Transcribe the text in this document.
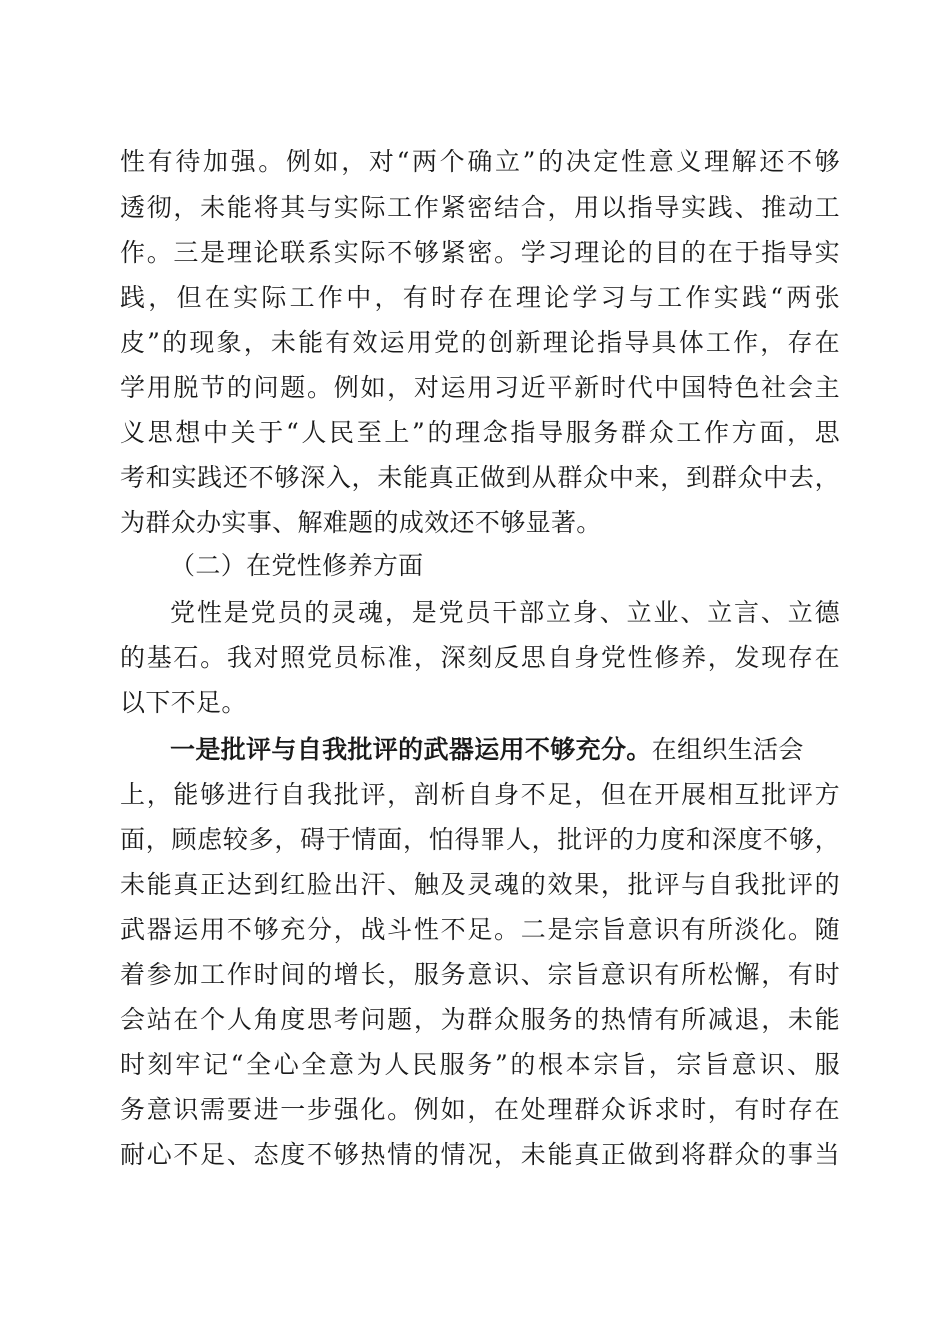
性有待加强。例如，对“两个确立”的决定性意义理解还不够
透彻，未能将其与实际工作紧密结合，用以指导实践、推动工
作。三是理论联系实际不够紧密。学习理论的目的在于指导实
践，但在实际工作中，有时存在理论学习与工作实践“两张
皮”的现象，未能有效运用党的创新理论指导具体工作，存在
学用脱节的问题。例如，对运用习近平新时代中国特色社会主
义思想中关于“人民至上”的理念指导服务群众工作方面，思
考和实践还不够深入，未能真正做到从群众中来，到群众中去，
为群众办实事、解难题的成效还不够显著。
（二）在党性修养方面
党性是党员的灵魂，是党员干部立身、立业、立言、立德
的基石。我对照党员标准，深刻反思自身党性修养，发现存在
以下不足。
一是批评与自我批评的武器运用不够充分。在组织生活会
上，能够进行自我批评，剖析自身不足，但在开展相互批评方
面，顾虑较多，碍于情面，怕得罪人，批评的力度和深度不够，
未能真正达到红脸出汗、触及灵魂的效果，批评与自我批评的
武器运用不够充分，战斗性不足。二是宗旨意识有所淡化。随
着参加工作时间的增长，服务意识、宗旨意识有所松懈，有时
会站在个人角度思考问题，为群众服务的热情有所减退，未能
时刻牢记“全心全意为人民服务”的根本宗旨，宗旨意识、服
务意识需要进一步强化。例如，在处理群众诉求时，有时存在
耐心不足、态度不够热情的情况，未能真正做到将群众的事当
